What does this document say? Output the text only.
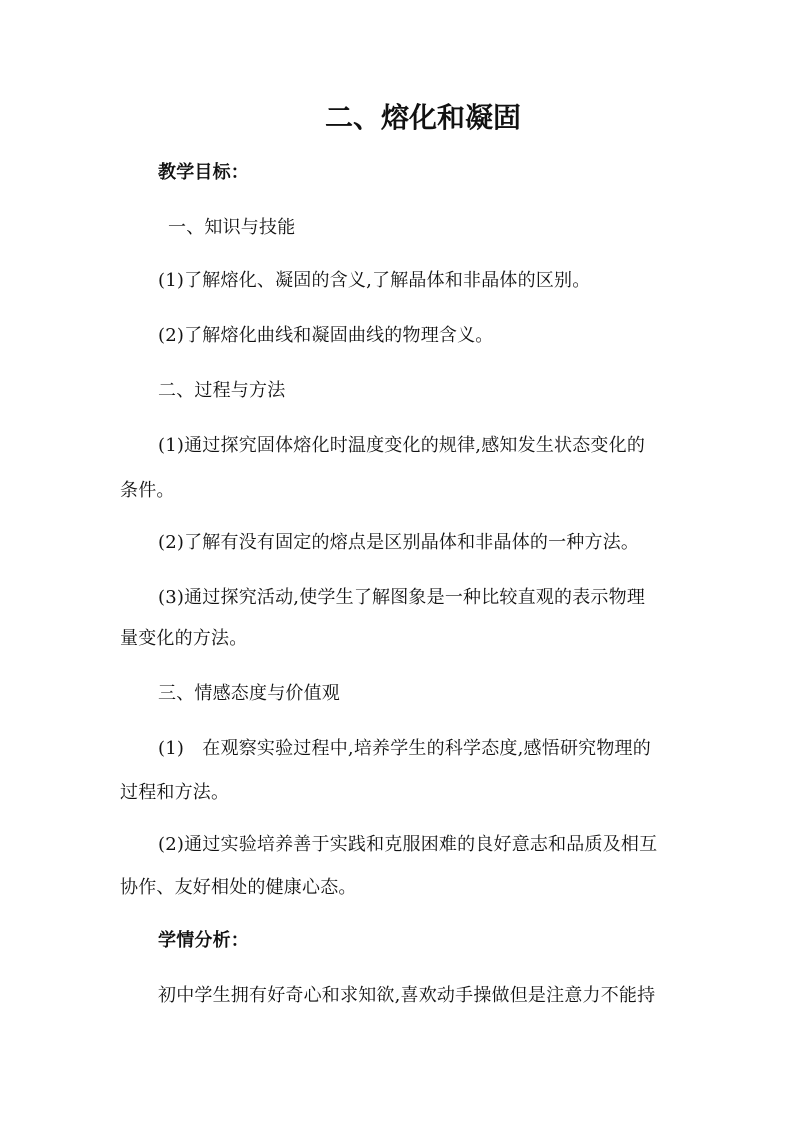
二、熔化和凝固
教学目标：
一、知识与技能
(1)了解熔化、凝固的含义,了解晶体和非晶体的区别。
(2)了解熔化曲线和凝固曲线的物理含义。
二、过程与方法
(1)通过探究固体熔化时温度变化的规律,感知发生状态变化的
条件。
(2)了解有没有固定的熔点是区别晶体和非晶体的一种方法。
(3)通过探究活动,使学生了解图象是一种比较直观的表示物理
量变化的方法。
三、情感态度与价值观
(1)　在观察实验过程中,培养学生的科学态度,感悟研究物理的
过程和方法。
(2)通过实验培养善于实践和克服困难的良好意志和品质及相互
协作、友好相处的健康心态。
学情分析：
初中学生拥有好奇心和求知欲,喜欢动手操做但是注意力不能持
